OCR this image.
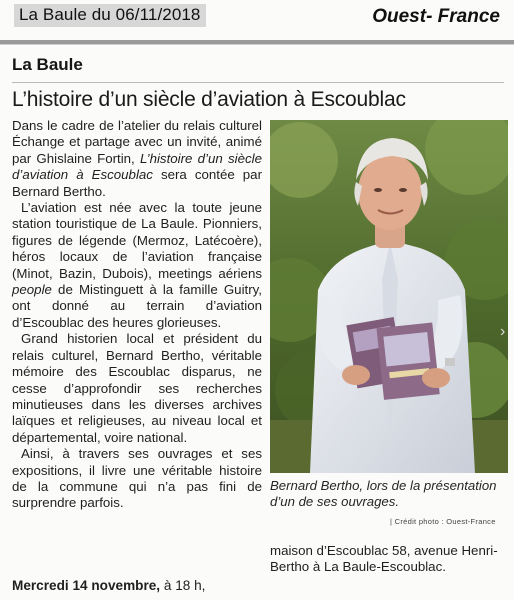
La Baule du 06/11/2018	Ouest- France
La Baule
L’histoire d’un siècle d’aviation à Escoublac

Dans le cadre de l’atelier du relais culturel Échange et partage avec un invité, animé par Ghislaine Fortin, L’histoire d’un siècle d’aviation à Escoublac sera contée par Bernard Bertho.

L’aviation est née avec la toute jeune station touristique de La Baule. Pionniers, figures de légende (Mermoz, Latécoère), héros locaux de l’aviation française (Minot, Bazin, Dubois), meetings aériens people de Mistinguett à la famille Guitry, ont donné au terrain d’aviation d’Escoublac des heures glorieuses.

Grand historien local et président du relais culturel, Bernard Bertho, véritable mémoire des Escoublac disparus, ne cesse d’approfondir ses recherches minutieuses dans les diverses archives laïques et religieuses, au niveau local et départemental, voire national.

Ainsi, à travers ses ouvrages et ses expositions, il livre une véritable histoire de la commune qui n’a pas fini de surprendre parfois.

Bernard Bertho, lors de la présentation d’un de ses ouvrages.
| Crédit photo : Ouest-France
maison d’Escoublac 58, avenue Henri-Bertho à La Baule-Escoublac.
Mercredi 14 novembre, à 18 h,
›
